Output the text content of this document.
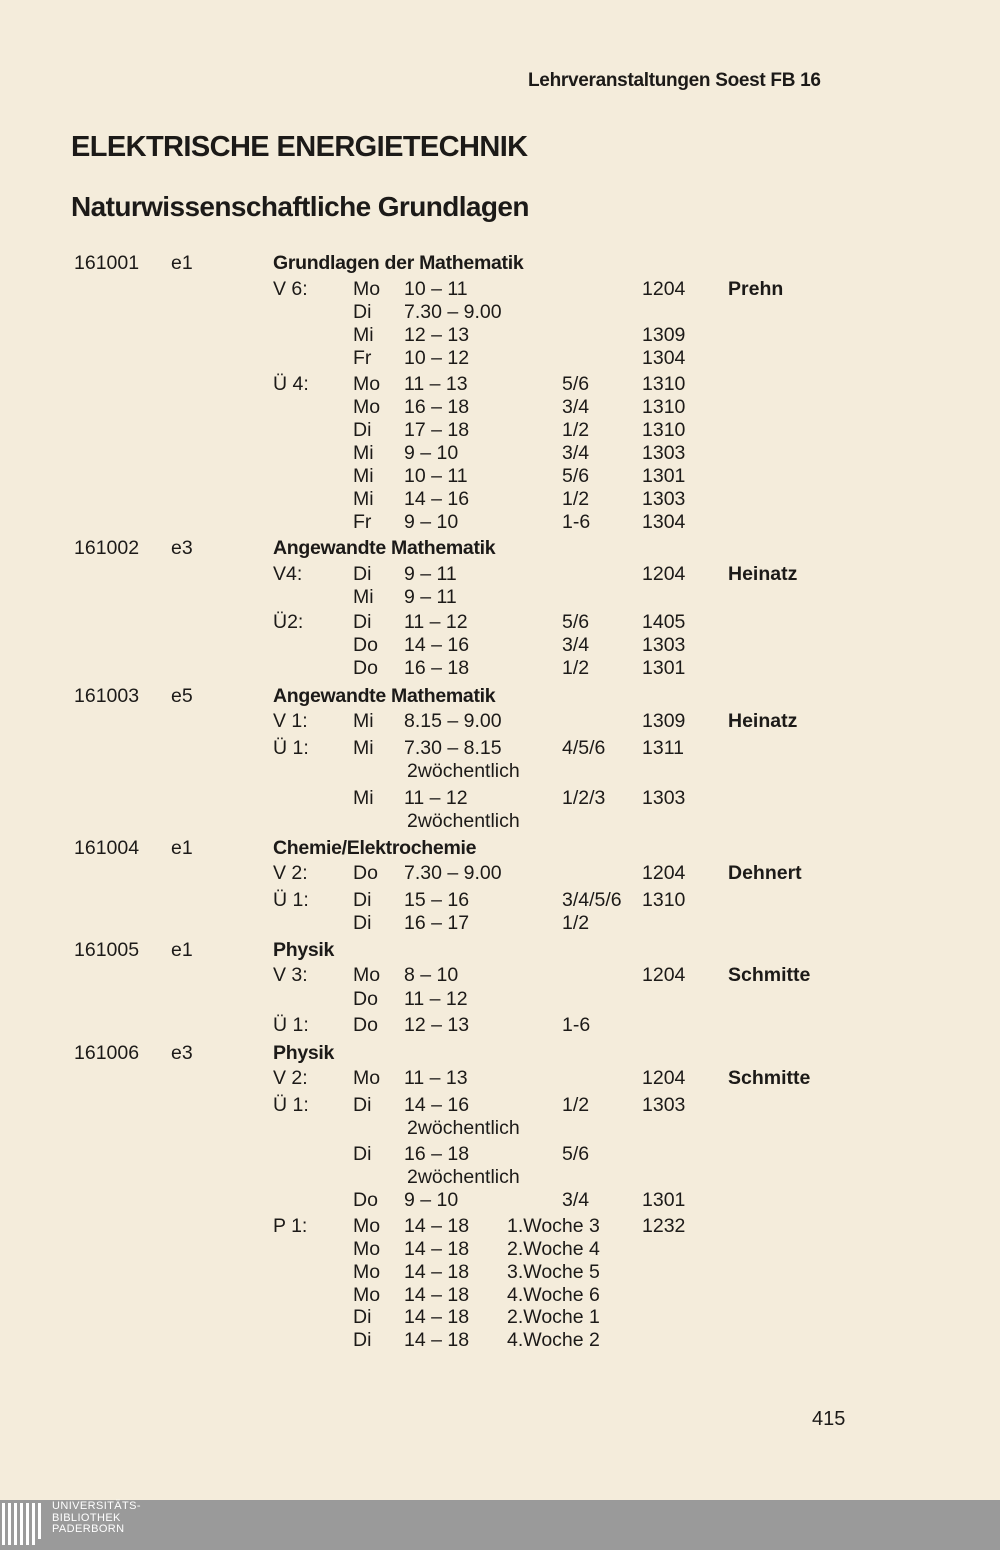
Lehrveranstaltungen Soest FB 16
ELEKTRISCHE ENERGIETECHNIK
Naturwissenschaftliche Grundlagen
161001 e1	Grundlagen der Mathematik
V 6: Mo 10 – 11	1204 Prehn
Di 7.30 – 9.00
Mi 12 – 13	1309
Fr 10 – 12	1304
Ü 4: Mo 11 – 13	5/6	1310
Mo 16 – 18	3/4	1310
Di 17 – 18	1/2	1310
Mi 9 – 10	3/4	1303
Mi 10 – 11	5/6	1301
Mi 14 – 16	1/2	1303
Fr 9 – 10	1-6	1304
161002 e3	Angewandte Mathematik
V4:	Di 9 – 11	1204 Heinatz
Mi 9 – 11
Ü2:	Di 11 – 12	5/6	1405
Do 14 – 16	3/4	1303
Do 16 – 18	1/2	1301
161003 e5	Angewandte Mathematik
V 1: Mi 8.15 – 9.00	1309 Heinatz
Ü 1: Mi 7.30 – 8.15	4/5/6 1311
2wöchentlich
Mi 11 – 12	1/2/3 1303
2wöchentlich
161004 e1	Chemie/Elektrochemie
V 2: Do 7.30 – 9.00	1204 Dehnert
Ü 1: Di 15 – 16	3/4/5/6 1310
Di 16 – 17	1/2
161005 e1	Physik
V 3: Mo 8 – 10	1204 Schmitte
Do 11 – 12
Ü 1: Do 12 – 13	1-6
161006 e3	Physik
V 2: Mo 11 – 13	1204 Schmitte
Ü 1: Di 14 – 16	1/2	1303
2wöchentlich
Di 16 – 18	5/6
2wöchentlich
Do 9 – 10	3/4	1301
P 1: Mo 14 – 18 1.Woche 3 1232
Mo 14 – 18 2.Woche 4
Mo 14 – 18 3.Woche 5
Mo 14 – 18 4.Woche 6
Di 14 – 18 2.Woche 1
Di 14 – 18 4.Woche 2
415
UNIVERSITÄTS-
BIBLIOTHEK
PADERBORN
